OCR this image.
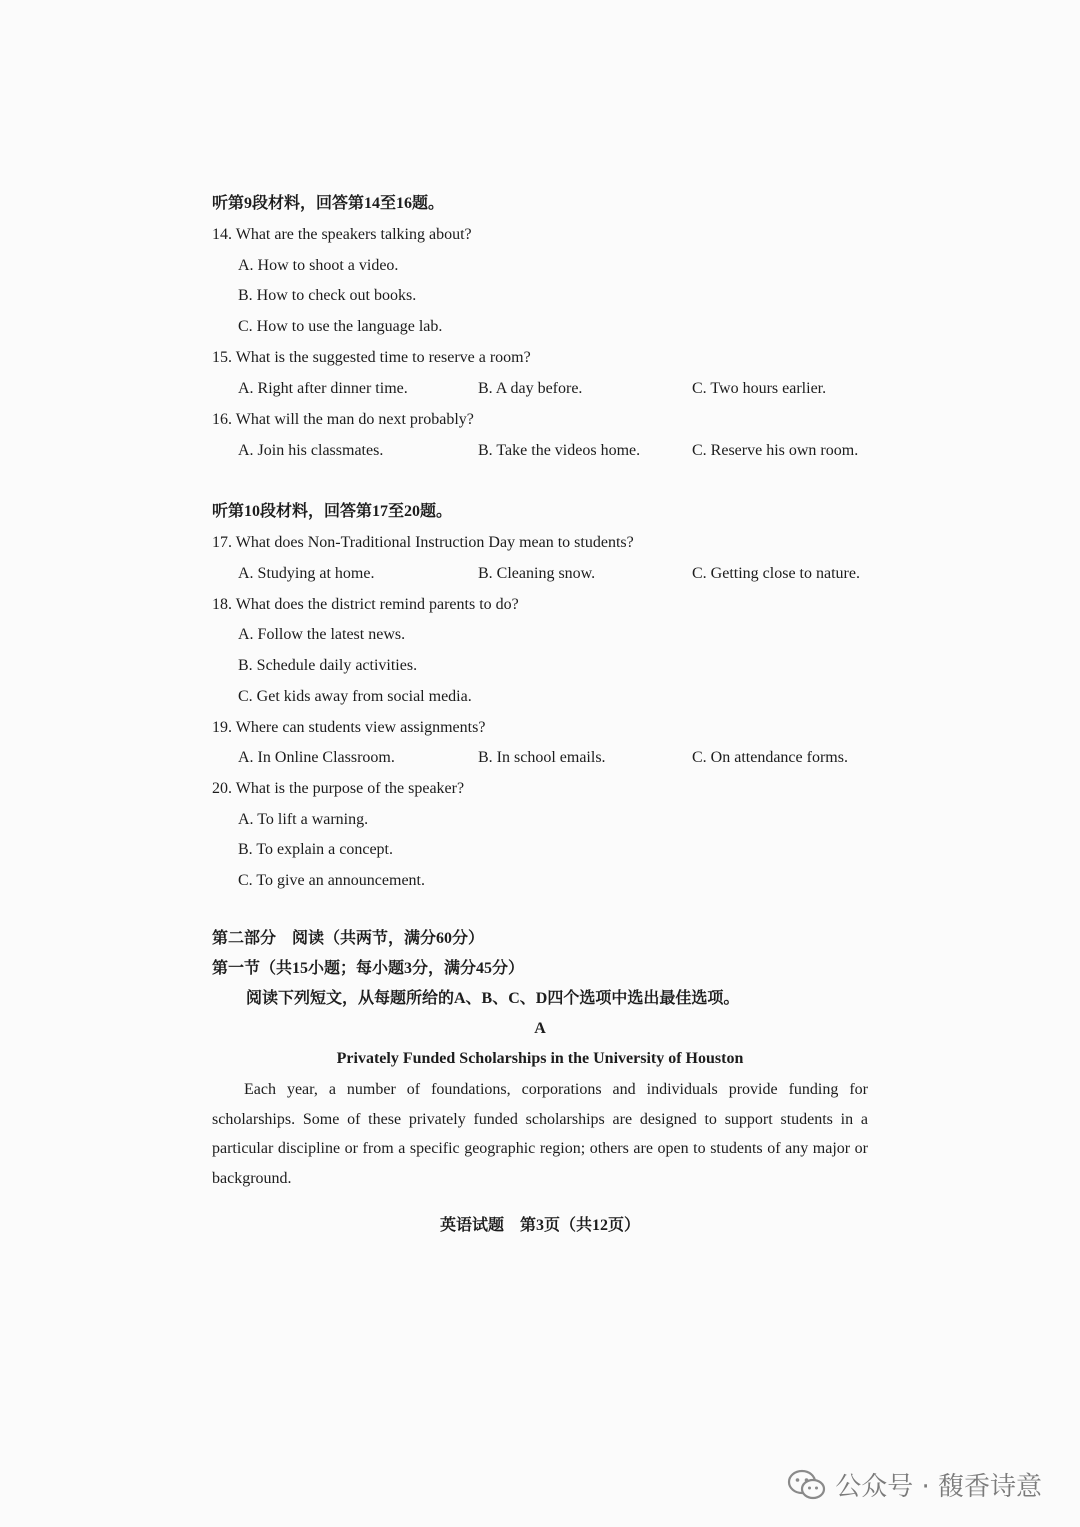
听第9段材料，回答第14至16题。
14. What are the speakers talking about?
A. How to shoot a video.
B. How to check out books.
C. How to use the language lab.
15. What is the suggested time to reserve a room?
A. Right after dinner time.	B. A day before.	C. Two hours earlier.
16. What will the man do next probably?
A. Join his classmates.	B. Take the videos home.	C. Reserve his own room.
听第10段材料，回答第17至20题。
17. What does Non-Traditional Instruction Day mean to students?
A. Studying at home.	B. Cleaning snow.	C. Getting close to nature.
18. What does the district remind parents to do?
A. Follow the latest news.
B. Schedule daily activities.
C. Get kids away from social media.
19. Where can students view assignments?
A. In Online Classroom.	B. In school emails.	C. On attendance forms.
20. What is the purpose of the speaker?
A. To lift a warning.
B. To explain a concept.
C. To give an announcement.
第二部分　阅读（共两节，满分60分）
第一节（共15小题；每小题3分，满分45分）
阅读下列短文，从每题所给的A、B、C、D四个选项中选出最佳选项。
A
Privately Funded Scholarships in the University of Houston
Each year, a number of foundations, corporations and individuals provide funding for scholarships. Some of these privately funded scholarships are designed to support students in a particular discipline or from a specific geographic region; others are open to students of any major or background.
英语试题　第3页（共12页）
公众号 · 馥香诗意
